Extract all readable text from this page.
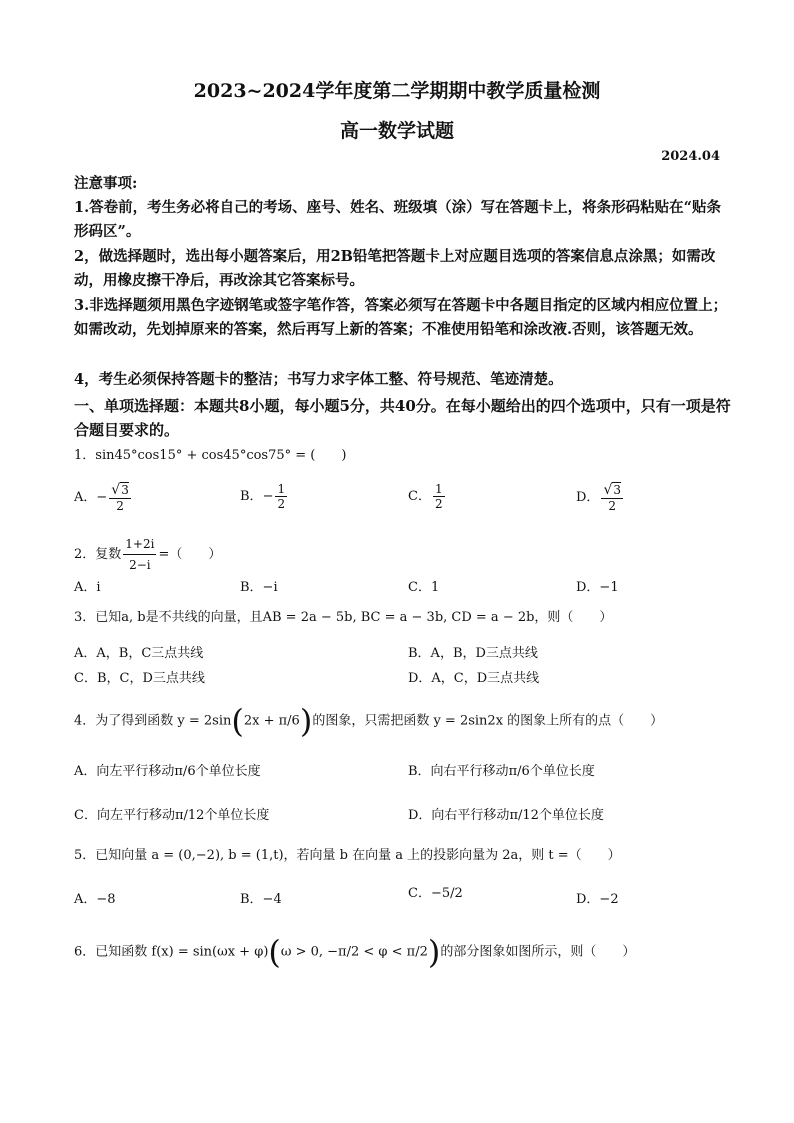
2023~2024学年度第二学期期中教学质量检测
高一数学试题
2024.04
注意事项:
1.答卷前，考生务必将自己的考场、座号、姓名、班级填（涂）写在答题卡上，将条形码粘贴在“贴条形码区”。
2，做选择题时，选出每小题答案后，用2B铅笔把答题卡上对应题目选项的答案信息点涂黑；如需改动，用橡皮擦干净后，再改涂其它答案标号。
3.非选择题须用黑色字迹钢笔或签字笔作答，答案必须写在答题卡中各题目指定的区域内相应位置上；如需改动，先划掉原来的答案，然后再写上新的答案；不准使用铅笔和涂改液.否则，该答题无效。
4，考生必须保持答题卡的整洁；书写力求字体工整、符号规范、笔迹清楚。
一、单项选择题：本题共8小题，每小题5分，共40分。在每小题给出的四个选项中，只有一项是符合题目要求的。
1．sin45°cos15° + cos45°cos75° = (　　)
A．− $\frac{√3}{2}$	B．− $\frac{1}{2}$	C． $\frac{1}{2}$	D． $\frac{√3}{2}$
2．复数 $\frac{1+2i}{2-i}$ =（　　）
A．i	B．−i	C．1	D．−1
3．已知a, b是不共线的向量，且AB = 2a − 5b, BC = a − 3b, CD = a − 2b，则（　　）
A．A，B，C三点共线	B．A，B，D三点共线
C．B，C，D三点共线	D．A，C，D三点共线
4．为了得到函数 y = 2sin(2x + π/6)的图象，只需把函数 y = 2sin2x 的图象上所有的点（　　）
A．向左平行移动π/6个单位长度	B．向右平行移动π/6个单位长度
C．向左平行移动π/12个单位长度	D．向右平行移动π/12个单位长度
5．已知向量 a = (0,−2), b = (1,t)，若向量 b 在向量 a 上的投影向量为 2a，则 t =（　　）
A．−8	B．−4	C．−5/2	D．−2
6．已知函数 f(x) = sin(ωx + φ)(ω > 0, −π/2 < φ < π/2)的部分图象如图所示，则（　　）
